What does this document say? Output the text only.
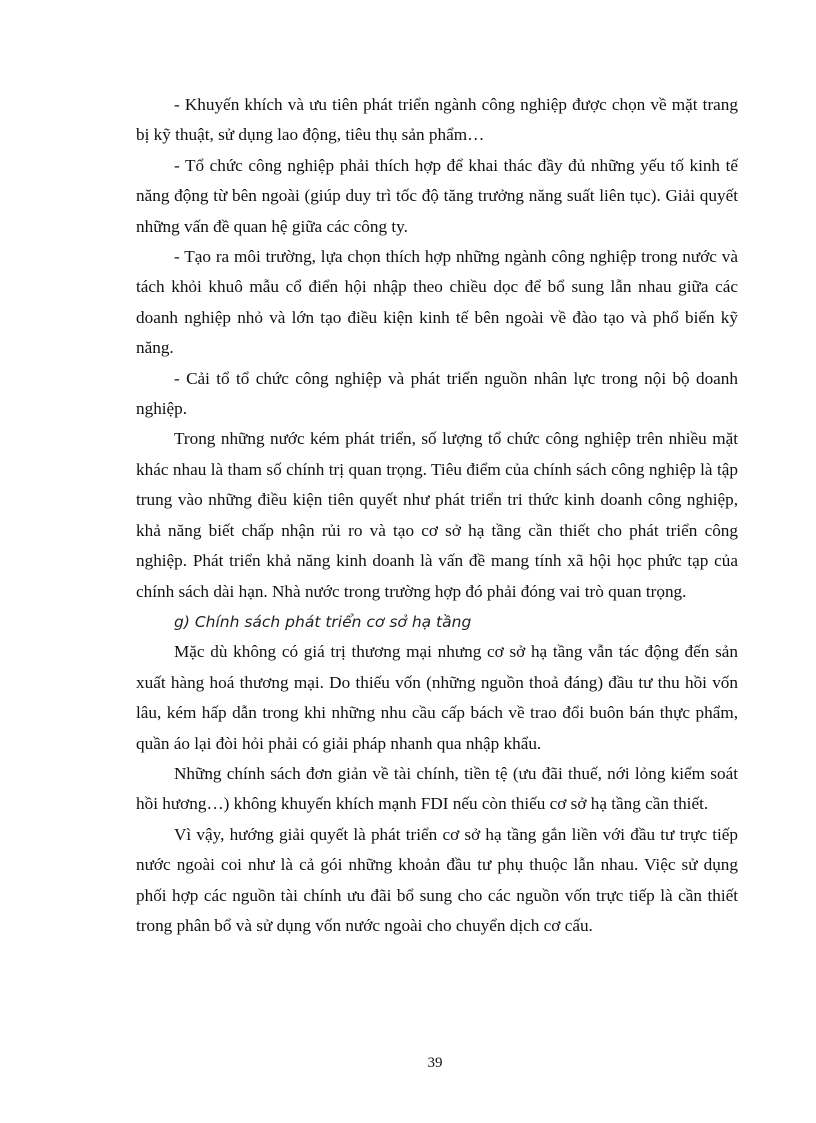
- Khuyến khích và ưu tiên phát triển ngành công nghiệp được chọn về mặt trang bị kỹ thuật, sử dụng lao động, tiêu thụ sản phẩm…

- Tổ chức công nghiệp phải thích hợp để khai thác đầy đủ những yếu tố kinh tế năng động từ bên ngoài (giúp duy trì tốc độ tăng trưởng năng suất liên tục). Giải quyết những vấn đề quan hệ giữa các công ty.

- Tạo ra môi trường, lựa chọn thích hợp những ngành công nghiệp trong nước và tách khỏi khuô mẫu cổ điển hội nhập theo chiều dọc để bổ sung lẫn nhau giữa các doanh nghiệp nhỏ và lớn tạo điều kiện kinh tế bên ngoài về đào tạo và phổ biến kỹ năng.

- Cải tổ tổ chức công nghiệp và phát triển nguồn nhân lực trong nội bộ doanh nghiệp.

Trong những nước kém phát triển, số lượng tổ chức công nghiệp trên nhiều mặt khác nhau là tham số chính trị quan trọng. Tiêu điểm của chính sách công nghiệp là tập trung vào những điều kiện tiên quyết như phát triển tri thức kinh doanh công nghiệp, khả năng biết chấp nhận rủi ro và tạo cơ sở hạ tầng cần thiết cho phát triển công nghiệp. Phát triển khả năng kinh doanh là vấn đề mang tính xã hội học phức tạp của chính sách dài hạn. Nhà nước trong trường hợp đó phải đóng vai trò quan trọng.

g) Chính sách phát triển cơ sở hạ tầng

Mặc dù không có giá trị thương mại nhưng cơ sở hạ tầng vẫn tác động đến sản xuất hàng hoá thương mại. Do thiếu vốn (những nguồn thoả đáng) đầu tư thu hồi vốn lâu, kém hấp dẫn trong khi những nhu cầu cấp bách về trao đổi buôn bán thực phẩm, quần áo lại đòi hỏi phải có giải pháp nhanh qua nhập khẩu.

Những chính sách đơn giản về tài chính, tiền tệ (ưu đãi thuế, nới lỏng kiểm soát hồi hương…) không khuyến khích mạnh FDI nếu còn thiếu cơ sở hạ tầng cần thiết.

Vì vậy, hướng giải quyết là phát triển cơ sở hạ tầng gắn liền với đầu tư trực tiếp nước ngoài coi như là cả gói những khoản đầu tư phụ thuộc lẫn nhau. Việc sử dụng phối hợp các nguồn tài chính ưu đãi bổ sung cho các nguồn vốn trực tiếp là cần thiết trong phân bổ và sử dụng vốn nước ngoài cho chuyển dịch cơ cấu.

39
